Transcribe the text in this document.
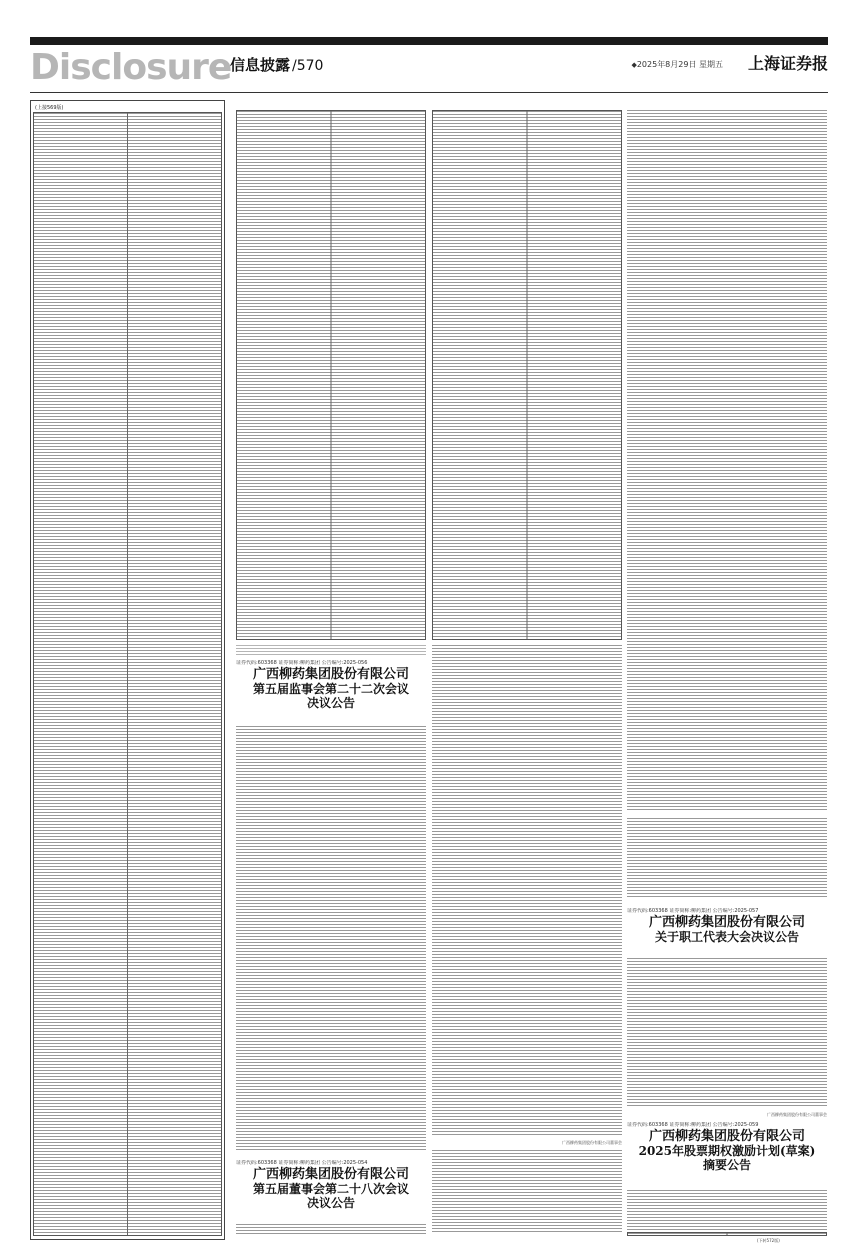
Disclosure
信息披露 /570	◆2025年8月29日 星期五 上海证券报
(上接569版)
证券代码:603368 证券简称:柳药集团 公告编号:2025-056
广西柳药集团股份有限公司
第五届监事会第二十二次会议
决议公告
证券代码:603368 证券简称:柳药集团 公告编号:2025-054
广西柳药集团股份有限公司
第五届董事会第二十八次会议
决议公告
广西柳药集团股份有限公司董事会
证券代码:603368 证券简称:柳药集团 公告编号:2025-057
广西柳药集团股份有限公司
关于职工代表大会决议公告
广西柳药集团股份有限公司董事会
证券代码:603368 证券简称:柳药集团 公告编号:2025-059
广西柳药集团股份有限公司
2025年股票期权激励计划(草案)
摘要公告
(下转572版)
